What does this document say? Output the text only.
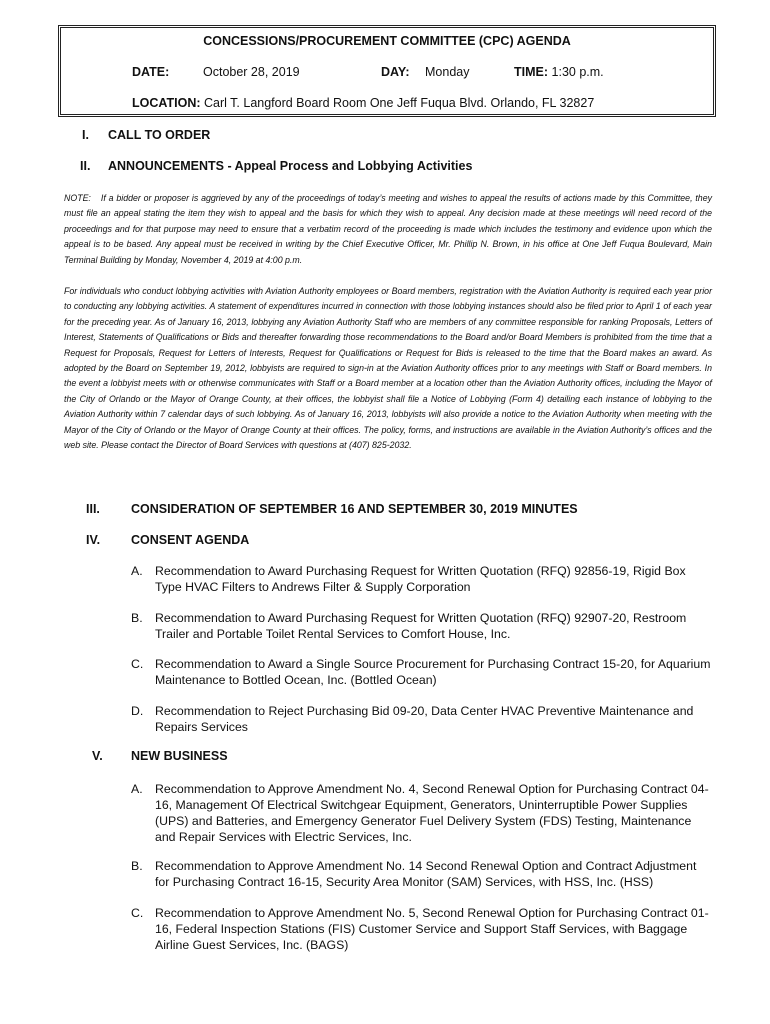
CONCESSIONS/PROCUREMENT COMMITTEE (CPC) AGENDA
DATE:	October 28, 2019	DAY: Monday	TIME: 1:30 p.m.
LOCATION: Carl T. Langford Board Room One Jeff Fuqua Blvd. Orlando, FL 32827
I. CALL TO ORDER
II. ANNOUNCEMENTS - Appeal Process and Lobbying Activities
NOTE: If a bidder or proposer is aggrieved by any of the proceedings of today’s meeting and wishes to appeal the results of actions made by this Committee, they must file an appeal stating the item they wish to appeal and the basis for which they wish to appeal. Any decision made at these meetings will need record of the proceedings and for that purpose may need to ensure that a verbatim record of the proceeding is made which includes the testimony and evidence upon which the appeal is to be based. Any appeal must be received in writing by the Chief Executive Officer, Mr. Phillip N. Brown, in his office at One Jeff Fuqua Boulevard, Main Terminal Building by Monday, November 4, 2019 at 4:00 p.m.
For individuals who conduct lobbying activities with Aviation Authority employees or Board members, registration with the Aviation Authority is required each year prior to conducting any lobbying activities. A statement of expenditures incurred in connection with those lobbying instances should also be filed prior to April 1 of each year for the preceding year. As of January 16, 2013, lobbying any Aviation Authority Staff who are members of any committee responsible for ranking Proposals, Letters of Interest, Statements of Qualifications or Bids and thereafter forwarding those recommendations to the Board and/or Board Members is prohibited from the time that a Request for Proposals, Request for Letters of Interests, Request for Qualifications or Request for Bids is released to the time that the Board makes an award. As adopted by the Board on September 19, 2012, lobbyists are required to sign-in at the Aviation Authority offices prior to any meetings with Staff or Board members. In the event a lobbyist meets with or otherwise communicates with Staff or a Board member at a location other than the Aviation Authority offices, including the Mayor of the City of Orlando or the Mayor of Orange County, at their offices, the lobbyist shall file a Notice of Lobbying (Form 4) detailing each instance of lobbying to the Aviation Authority within 7 calendar days of such lobbying. As of January 16, 2013, lobbyists will also provide a notice to the Aviation Authority when meeting with the Mayor of the City of Orlando or the Mayor of Orange County at their offices. The policy, forms, and instructions are available in the Aviation Authority’s offices and the web site. Please contact the Director of Board Services with questions at (407) 825-2032.
III. CONSIDERATION OF SEPTEMBER 16 AND SEPTEMBER 30, 2019 MINUTES
IV. CONSENT AGENDA
A. Recommendation to Award Purchasing Request for Written Quotation (RFQ) 92856-19, Rigid Box Type HVAC Filters to Andrews Filter & Supply Corporation
B. Recommendation to Award Purchasing Request for Written Quotation (RFQ) 92907-20, Restroom Trailer and Portable Toilet Rental Services to Comfort House, Inc.
C. Recommendation to Award a Single Source Procurement for Purchasing Contract 15-20, for Aquarium Maintenance to Bottled Ocean, Inc. (Bottled Ocean)
D. Recommendation to Reject Purchasing Bid 09-20, Data Center HVAC Preventive Maintenance and Repairs Services
V. NEW BUSINESS
A. Recommendation to Approve Amendment No. 4, Second Renewal Option for Purchasing Contract 04-16, Management Of Electrical Switchgear Equipment, Generators, Uninterruptible Power Supplies (UPS) and Batteries, and Emergency Generator Fuel Delivery System (FDS) Testing, Maintenance and Repair Services with Electric Services, Inc.
B. Recommendation to Approve Amendment No. 14 Second Renewal Option and Contract Adjustment for Purchasing Contract 16-15, Security Area Monitor (SAM) Services, with HSS, Inc. (HSS)
C. Recommendation to Approve Amendment No. 5, Second Renewal Option for Purchasing Contract 01-16, Federal Inspection Stations (FIS) Customer Service and Support Staff Services, with Baggage Airline Guest Services, Inc. (BAGS)
